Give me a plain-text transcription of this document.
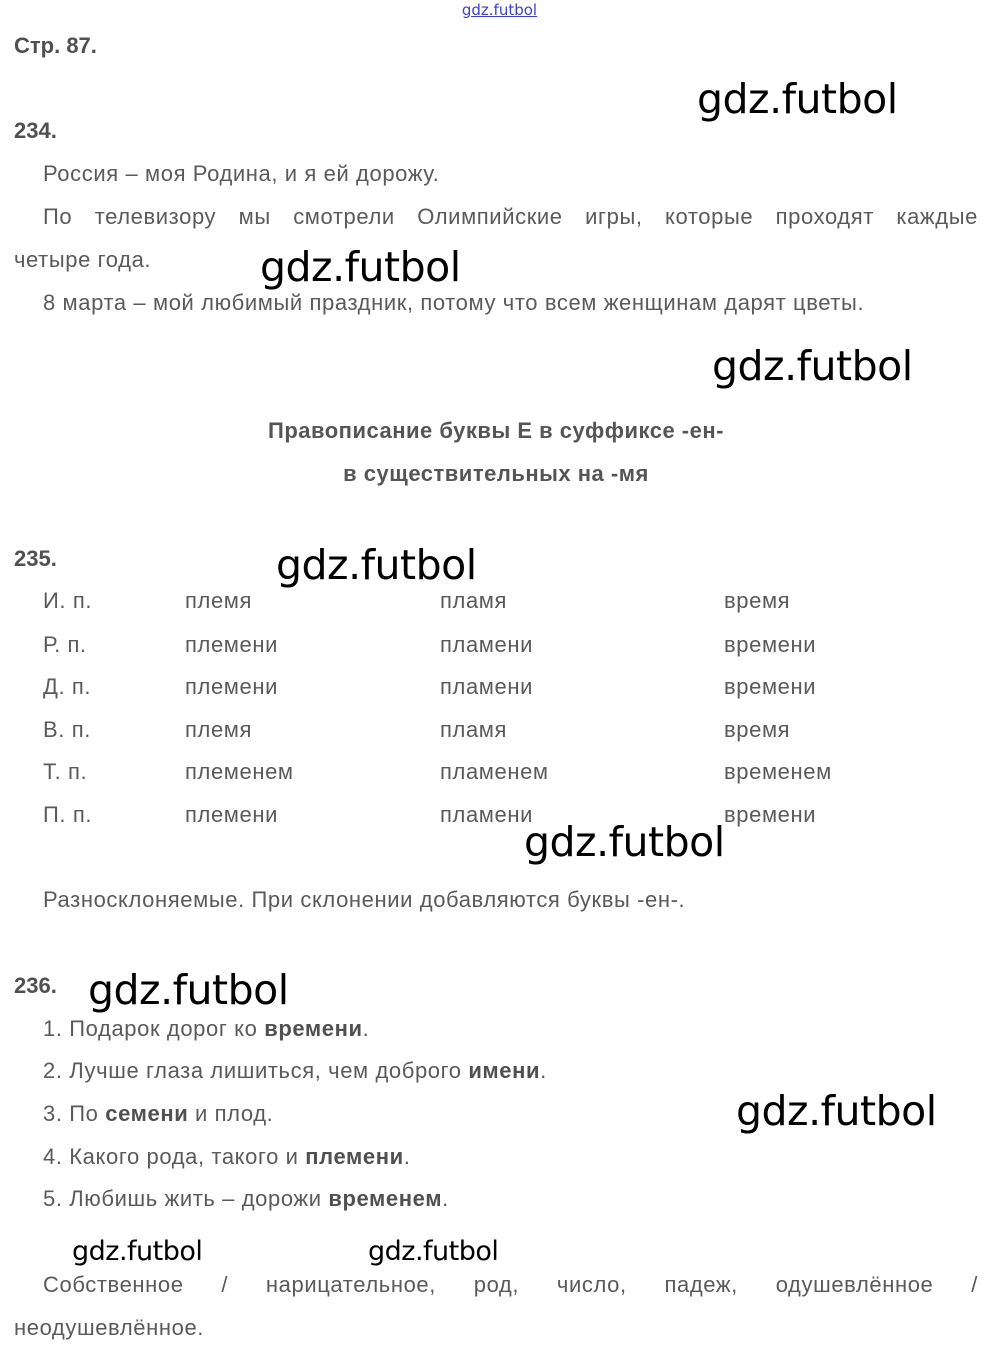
gdz.futbol
Стр. 87.
234.
Россия – моя Родина, и я ей дорожу.
По телевизору мы смотрели Олимпийские игры, которые проходят каждые
четыре года.
8 марта – мой любимый праздник, потому что всем женщинам дарят цветы.
Правописание буквы Е в суффиксе -ен-
в существительных на -мя
235.
И. п.	племя	пламя	время
Р. п.	племени	пламени	времени
Д. п.	племени	пламени	времени
В. п.	племя	пламя	время
Т. п.	племенем	пламенем	временем
П. п.	племени	пламени	времени
Разносклоняемые. При склонении добавляются буквы -ен-.
236.
1. Подарок дорог ко времени.
2. Лучше глаза лишиться, чем доброго имени.
3. По семени и плод.
4. Какого рода, такого и племени.
5. Любишь жить – дорожи временем.
Собственное / нарицательное, род, число, падеж, одушевлённое /
неодушевлённое.
gdz.futbol
gdz.futbol
gdz.futbol
gdz.futbol
gdz.futbol
gdz.futbol
gdz.futbol
gdz.futbol	gdz.futbol
